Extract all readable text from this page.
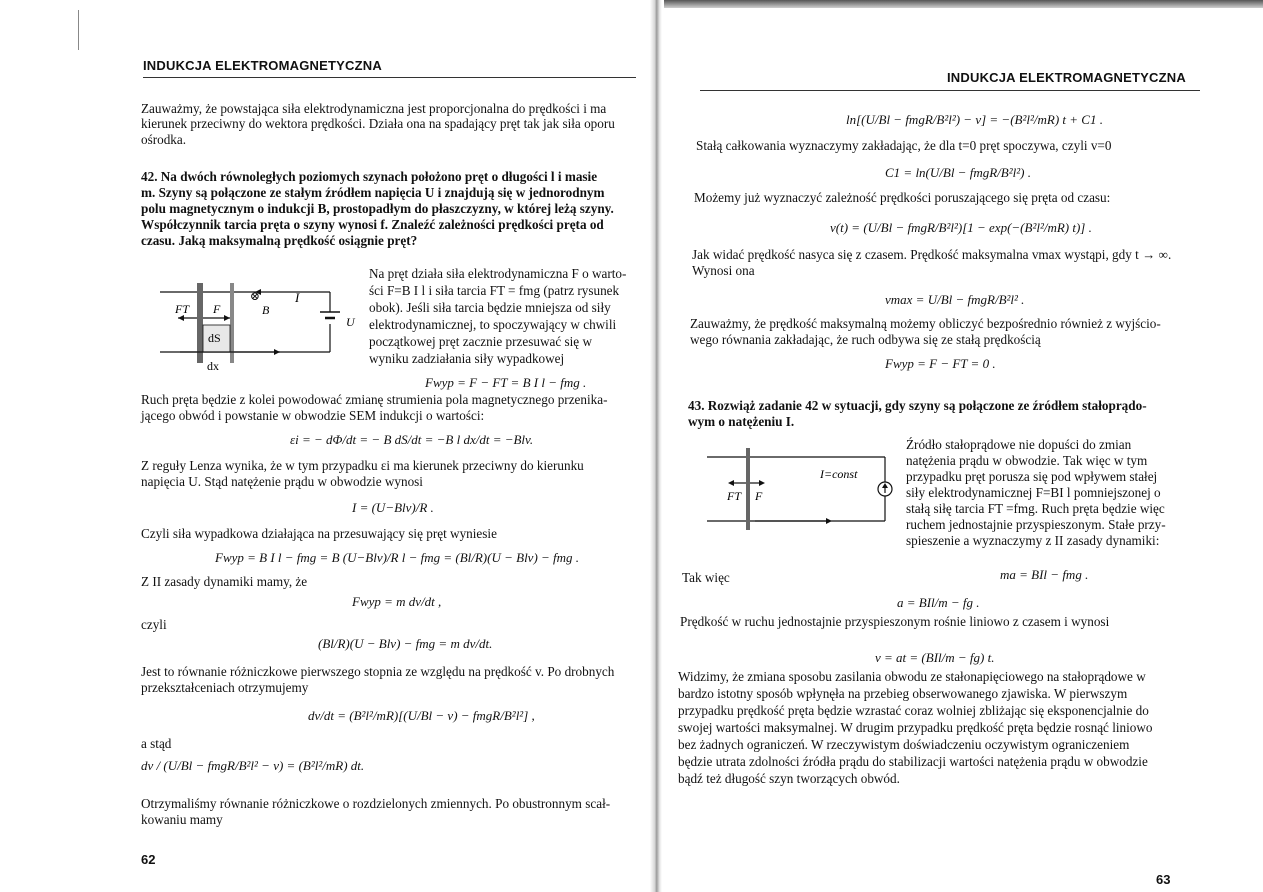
INDUKCJA ELEKTROMAGNETYCZNA
Zauważmy, że powstająca siła elektrodynamiczna jest proporcjonalna do prędkości i ma
kierunek przeciwny do wektora prędkości. Działa ona na spadający pręt tak jak siła oporu
ośrodka.
42. Na dwóch równoległych poziomych szynach położono pręt o długości l i masie
m. Szyny są połączone ze stałym źródłem napięcia U i znajdują się w jednorodnym
polu magnetycznym o indukcji B, prostopadłym do płaszczyzny, w której leżą szyny.
Współczynnik tarcia pręta o szyny wynosi f. Znaleźć zależności prędkości pręta od
czasu. Jaką maksymalną prędkość osiągnie pręt?
FT F
dS
dx
⊗
B
I
U
Na pręt działa siła elektrodynamiczna F o warto-
ści F=B I l i siła tarcia FT = fmg (patrz rysunek
obok). Jeśli siła tarcia będzie mniejsza od siły
elektrodynamicznej, to spoczywający w chwili
początkowej pręt zacznie przesuwać się w
wyniku zadziałania siły wypadkowej
Fwyp = F − FT = B I l − fmg .
Ruch pręta będzie z kolei powodować zmianę strumienia pola magnetycznego przenika-
jącego obwód i powstanie w obwodzie SEM indukcji o wartości:
εi = − dΦ/dt = − B dS/dt = −B l dx/dt = −Blv.
Z reguły Lenza wynika, że w tym przypadku εi ma kierunek przeciwny do kierunku
napięcia U. Stąd natężenie prądu w obwodzie wynosi
I = (U−Blv)/R .
Czyli siła wypadkowa działająca na przesuwający się pręt wyniesie
Fwyp = B I l − fmg = B (U−Blv)/R l − fmg = (Bl/R)(U − Blv) − fmg .
Z II zasady dynamiki mamy, że
Fwyp = m dv/dt ,
czyli
(Bl/R)(U − Blv) − fmg = m dv/dt.
Jest to równanie różniczkowe pierwszego stopnia ze względu na prędkość v. Po drobnych
przekształceniach otrzymujemy
dv/dt = (B²l²/mR)[(U/Bl − v) − fmgR/B²l²] ,
a stąd
dv / (U/Bl − fmgR/B²l² − v) = (B²l²/mR) dt.
Otrzymaliśmy równanie różniczkowe o rozdzielonych zmiennych. Po obustronnym scał-
kowaniu mamy
62
INDUKCJA ELEKTROMAGNETYCZNA
ln[(U/Bl − fmgR/B²l²) − v] = −(B²l²/mR) t + C1 .
Stałą całkowania wyznaczymy zakładając, że dla t=0 pręt spoczywa, czyli v=0
C1 = ln(U/Bl − fmgR/B²l²) .
Możemy już wyznaczyć zależność prędkości poruszającego się pręta od czasu:
v(t) = (U/Bl − fmgR/B²l²)[1 − exp(−(B²l²/mR) t)] .
Jak widać prędkość nasyca się z czasem. Prędkość maksymalna vmax wystąpi, gdy t → ∞.
Wynosi ona
vmax = U/Bl − fmgR/B²l² .
Zauważmy, że prędkość maksymalną możemy obliczyć bezpośrednio również z wyjścio-
wego równania zakładając, że ruch odbywa się ze stałą prędkością
Fwyp = F − FT = 0 .
43. Rozwiąż zadanie 42 w sytuacji, gdy szyny są połączone ze źródłem stałoprądo-
wym o natężeniu I.
I=const
FT F
Źródło stałoprądowe nie dopuści do zmian
natężenia prądu w obwodzie. Tak więc w tym
przypadku pręt porusza się pod wpływem stałej
siły elektrodynamicznej F=BI l pomniejszonej o
stałą siłę tarcia FT =fmg. Ruch pręta będzie więc
ruchem jednostajnie przyspieszonym. Stałe przy-
spieszenie a wyznaczymy z II zasady dynamiki:
Tak więc	ma = BIl − fmg .
a = BIl/m − fg .
Prędkość w ruchu jednostajnie przyspieszonym rośnie liniowo z czasem i wynosi
v = at = (BIl/m − fg) t.
Widzimy, że zmiana sposobu zasilania obwodu ze stałonapięciowego na stałoprądowe w
bardzo istotny sposób wpłynęła na przebieg obserwowanego zjawiska. W pierwszym
przypadku prędkość pręta będzie wzrastać coraz wolniej zbliżając się eksponencjalnie do
swojej wartości maksymalnej. W drugim przypadku prędkość pręta będzie rosnąć liniowo
bez żadnych ograniczeń. W rzeczywistym doświadczeniu oczywistym ograniczeniem
będzie utrata zdolności źródła prądu do stabilizacji wartości natężenia prądu w obwodzie
bądź też długość szyn tworzących obwód.
63
